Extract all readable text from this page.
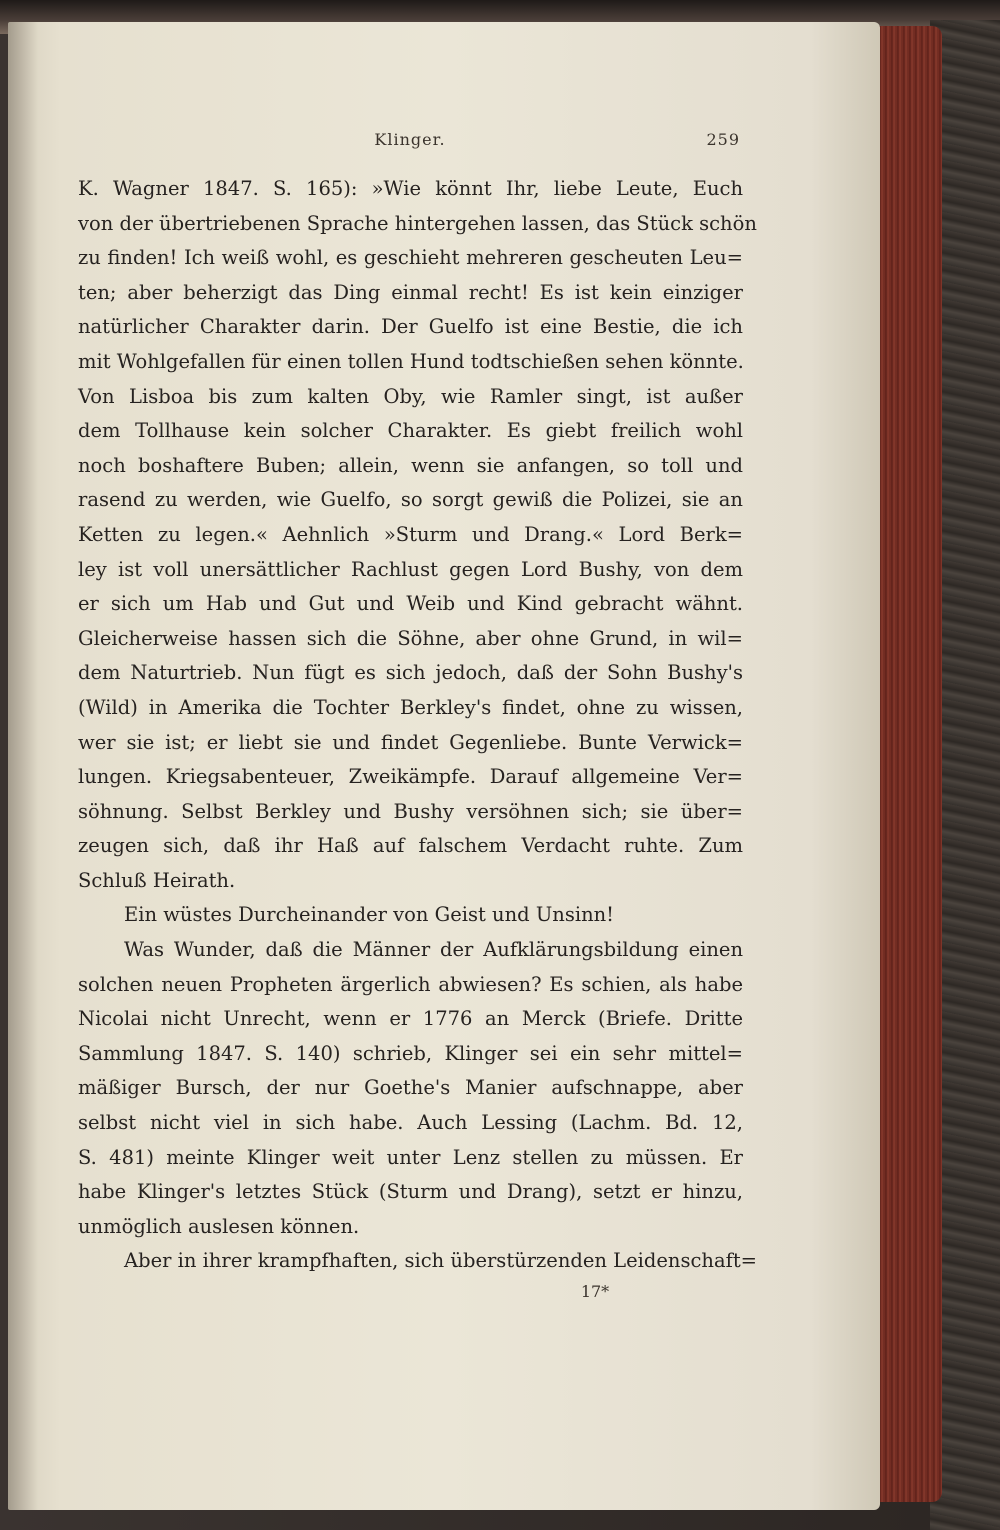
Klinger.	259
K. Wagner 1847. S. 165): »Wie könnt Ihr, liebe Leute, Euch
von der übertriebenen Sprache hintergehen lassen, das Stück schön
zu finden! Ich weiß wohl, es geschieht mehreren gescheuten Leu=
ten; aber beherzigt das Ding einmal recht! Es ist kein einziger
natürlicher Charakter darin. Der Guelfo ist eine Bestie, die ich
mit Wohlgefallen für einen tollen Hund todtschießen sehen könnte.
Von Lisboa bis zum kalten Oby, wie Ramler singt, ist außer
dem Tollhause kein solcher Charakter. Es giebt freilich wohl
noch boshaftere Buben; allein, wenn sie anfangen, so toll und
rasend zu werden, wie Guelfo, so sorgt gewiß die Polizei, sie an
Ketten zu legen.« Aehnlich »Sturm und Drang.« Lord Berk=
ley ist voll unersättlicher Rachlust gegen Lord Bushy, von dem
er sich um Hab und Gut und Weib und Kind gebracht wähnt.
Gleicherweise hassen sich die Söhne, aber ohne Grund, in wil=
dem Naturtrieb. Nun fügt es sich jedoch, daß der Sohn Bushy's
(Wild) in Amerika die Tochter Berkley's findet, ohne zu wissen,
wer sie ist; er liebt sie und findet Gegenliebe. Bunte Verwick=
lungen. Kriegsabenteuer, Zweikämpfe. Darauf allgemeine Ver=
söhnung. Selbst Berkley und Bushy versöhnen sich; sie über=
zeugen sich, daß ihr Haß auf falschem Verdacht ruhte. Zum
Schluß Heirath.
Ein wüstes Durcheinander von Geist und Unsinn!
Was Wunder, daß die Männer der Aufklärungsbildung einen
solchen neuen Propheten ärgerlich abwiesen? Es schien, als habe
Nicolai nicht Unrecht, wenn er 1776 an Merck (Briefe. Dritte
Sammlung 1847. S. 140) schrieb, Klinger sei ein sehr mittel=
mäßiger Bursch, der nur Goethe's Manier aufschnappe, aber
selbst nicht viel in sich habe. Auch Lessing (Lachm. Bd. 12,
S. 481) meinte Klinger weit unter Lenz stellen zu müssen. Er
habe Klinger's letztes Stück (Sturm und Drang), setzt er hinzu,
unmöglich auslesen können.
Aber in ihrer krampfhaften, sich überstürzenden Leidenschaft=
17*
